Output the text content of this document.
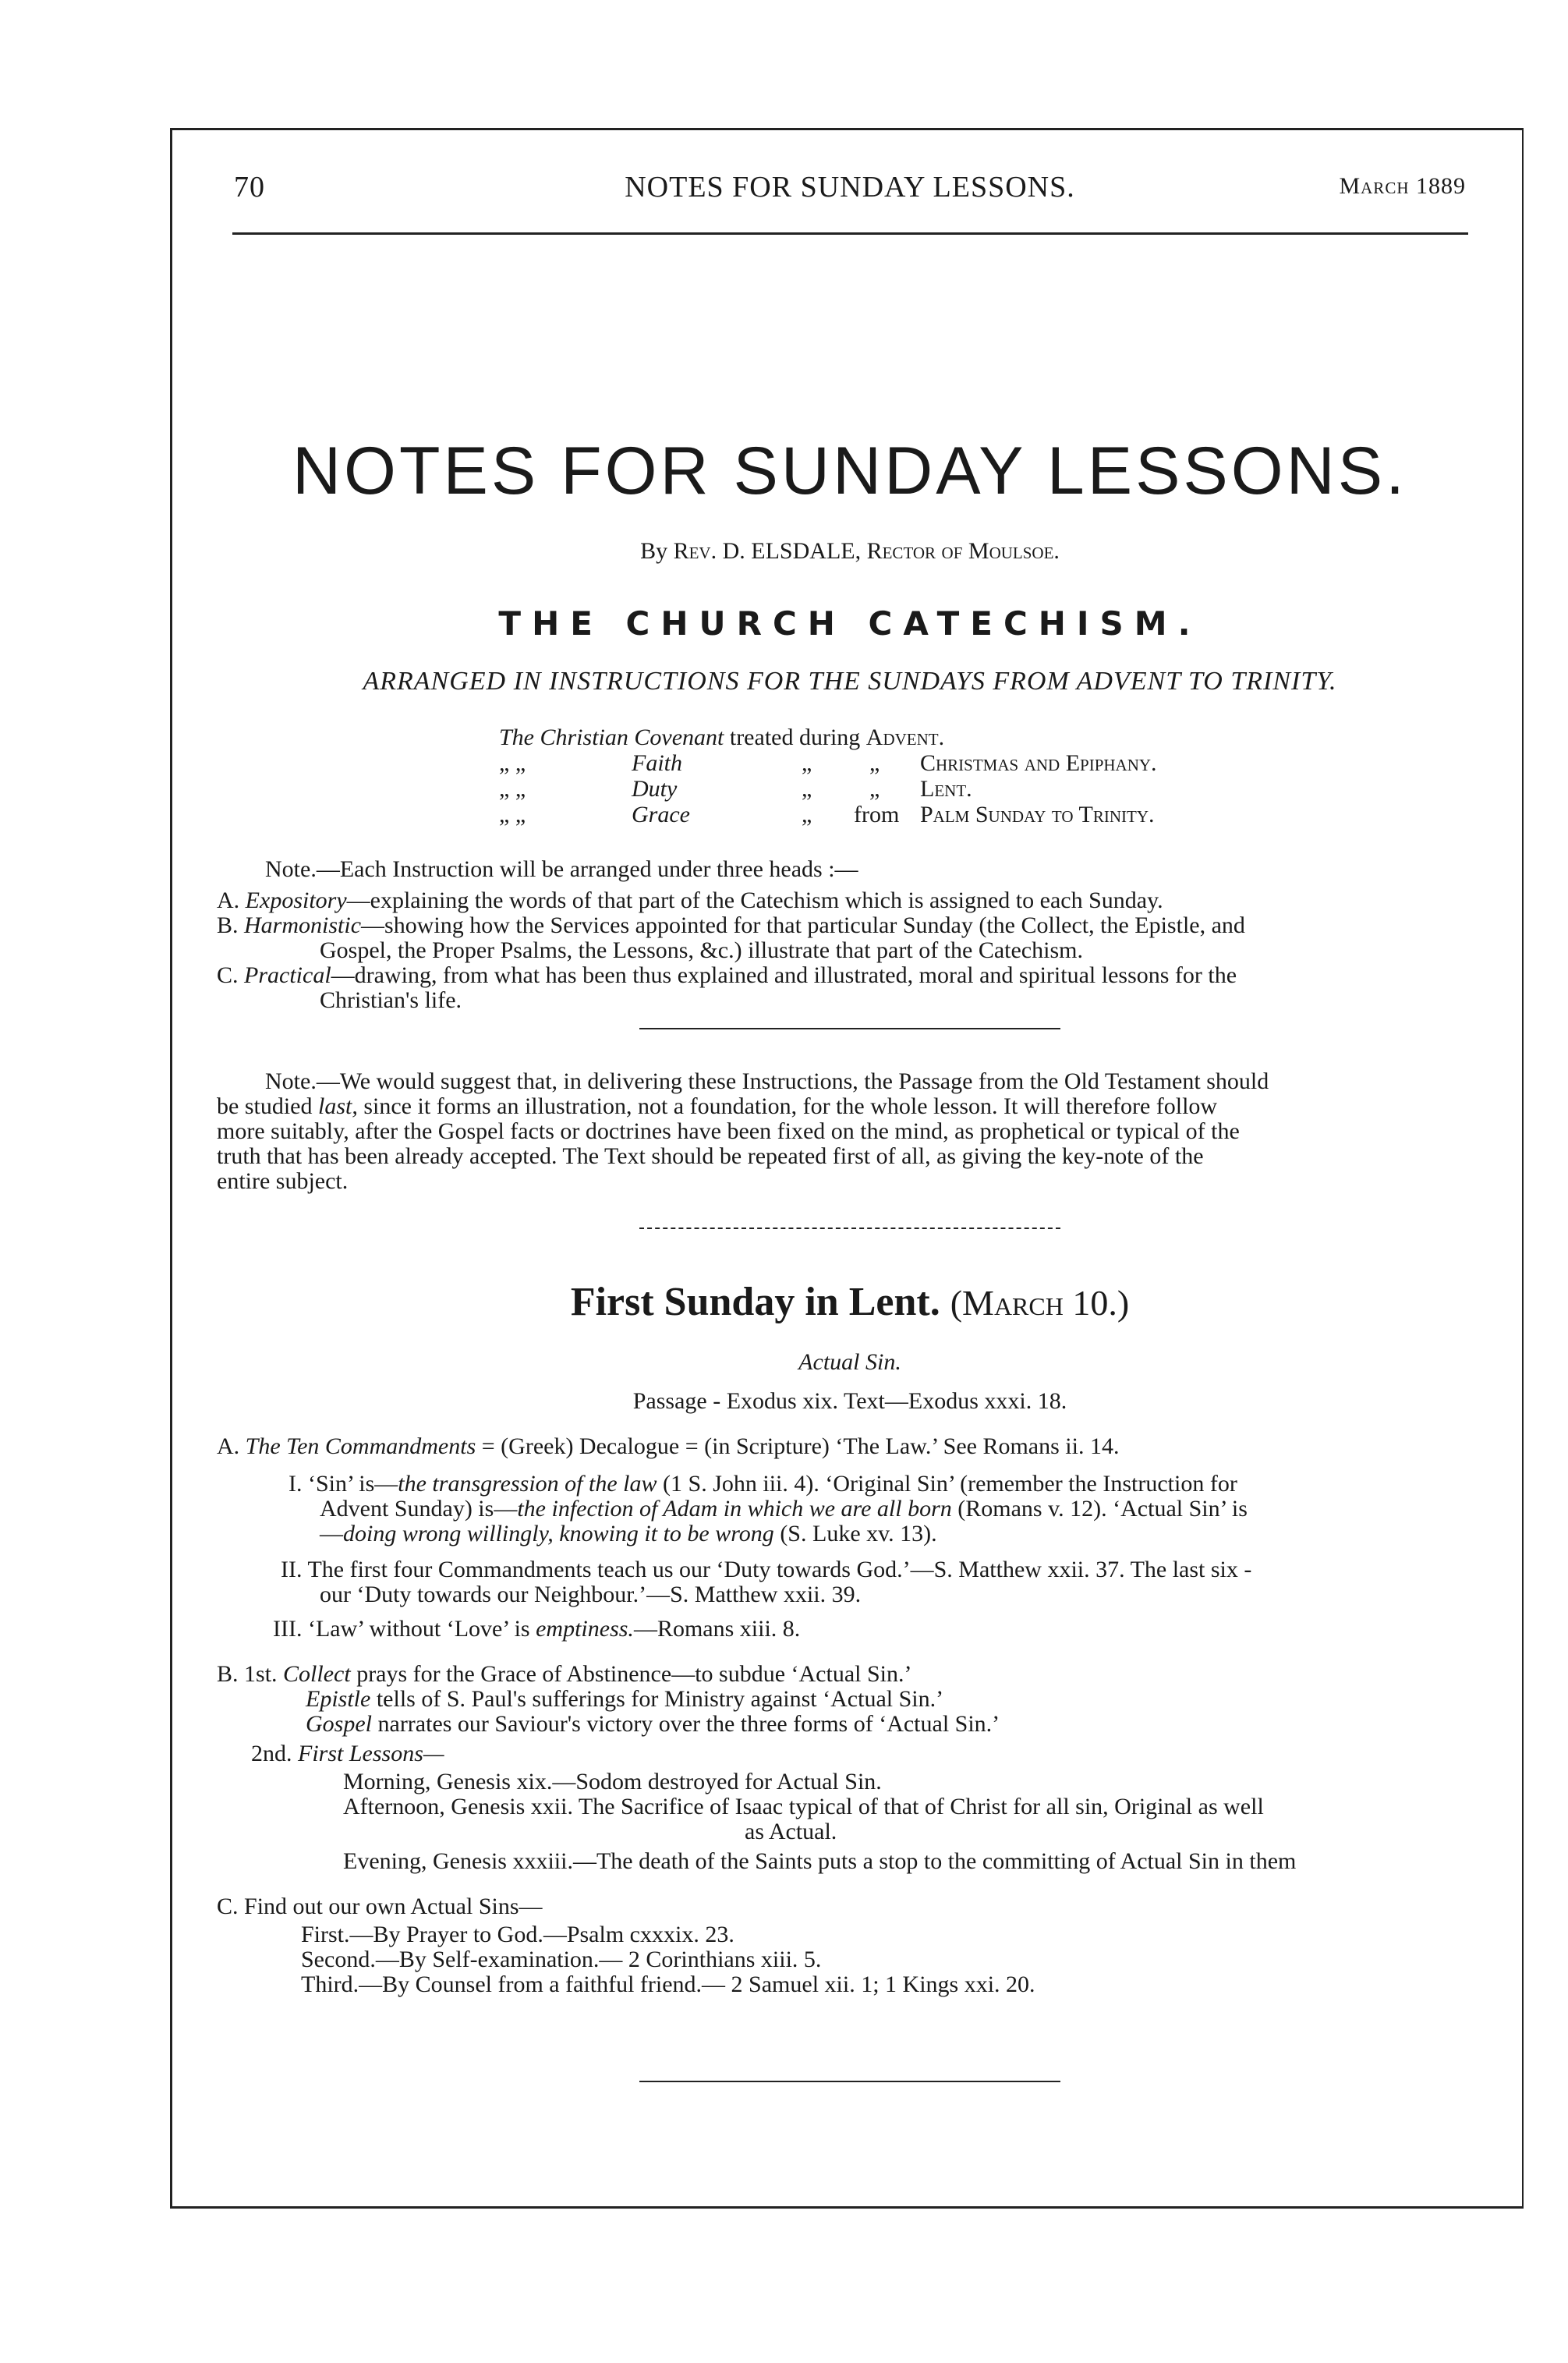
70	NOTES FOR SUNDAY LESSONS.	March 1889
NOTES FOR SUNDAY LESSONS.
By Rev. D. ELSDALE, Rector of Moulsoe.
THE CHURCH CATECHISM.
ARRANGED IN INSTRUCTIONS FOR THE SUNDAYS FROM ADVENT TO TRINITY.
The Christian Covenant treated during Advent.
„ „	Faith	„ „ Christmas and Epiphany.
„ „	Duty	„ „ Lent.
„ „	Grace	„ from Palm Sunday to Trinity.
Note.—Each Instruction will be arranged under three heads :—
A. Expository—explaining the words of that part of the Catechism which is assigned to each Sunday.
B. Harmonistic—showing how the Services appointed for that particular Sunday (the Collect, the Epistle, and
Gospel, the Proper Psalms, the Lessons, &c.) illustrate that part of the Catechism.
C. Practical—drawing, from what has been thus explained and illustrated, moral and spiritual lessons for the
Christian's life.
Note.—We would suggest that, in delivering these Instructions, the Passage from the Old Testament should
be studied last, since it forms an illustration, not a foundation, for the whole lesson. It will therefore follow
more suitably, after the Gospel facts or doctrines have been fixed on the mind, as prophetical or typical of the
truth that has been already accepted. The Text should be repeated first of all, as giving the key-note of the
entire subject.
First Sunday in Lent. (March 10.)
Actual Sin.
Passage - Exodus xix. Text—Exodus xxxi. 18.
A. The Ten Commandments = (Greek) Decalogue = (in Scripture) ‘The Law.’ See Romans ii. 14.
I. ‘Sin’ is—the transgression of the law (1 S. John iii. 4). ‘Original Sin’ (remember the Instruction for
Advent Sunday) is—the infection of Adam in which we are all born (Romans v. 12). ‘Actual Sin’ is
—doing wrong willingly, knowing it to be wrong (S. Luke xv. 13).
II. The first four Commandments teach us our ‘Duty towards God.’—S. Matthew xxii. 37. The last six -
our ‘Duty towards our Neighbour.’—S. Matthew xxii. 39.
III. ‘Law’ without ‘Love’ is emptiness.—Romans xiii. 8.
B. 1st. Collect prays for the Grace of Abstinence—to subdue ‘Actual Sin.’
Epistle tells of S. Paul's sufferings for Ministry against ‘Actual Sin.’
Gospel narrates our Saviour's victory over the three forms of ‘Actual Sin.’
2nd. First Lessons—
Morning, Genesis xix.—Sodom destroyed for Actual Sin.
Afternoon, Genesis xxii. The Sacrifice of Isaac typical of that of Christ for all sin, Original as well
as Actual.
Evening, Genesis xxxiii.—The death of the Saints puts a stop to the committing of Actual Sin in them
C. Find out our own Actual Sins—
First.—By Prayer to God.—Psalm cxxxix. 23.
Second.—By Self-examination.— 2 Corinthians xiii. 5.
Third.—By Counsel from a faithful friend.— 2 Samuel xii. 1; 1 Kings xxi. 20.
